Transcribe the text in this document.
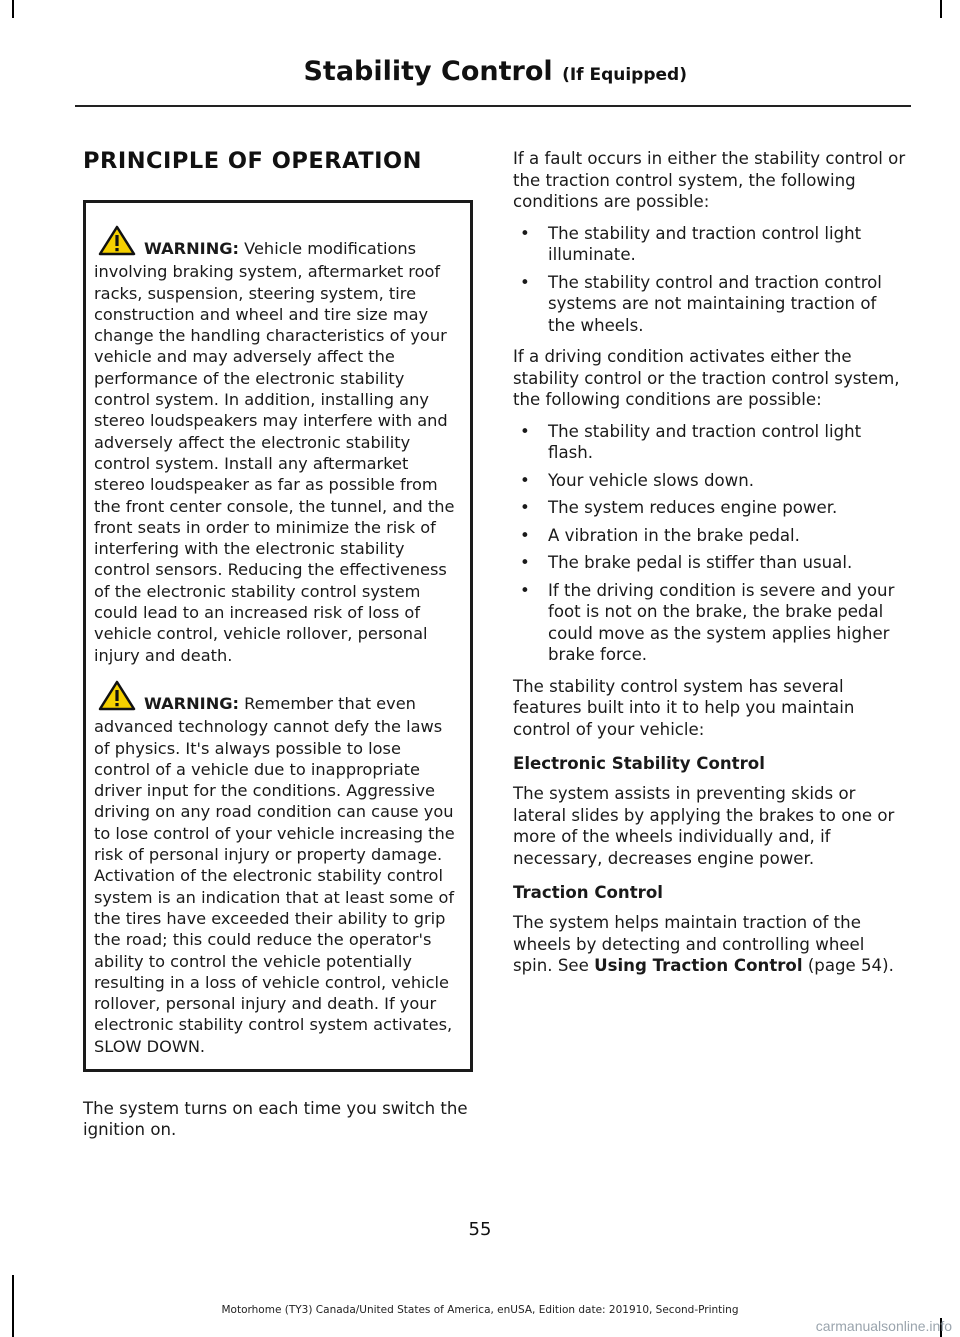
Stability Control (If Equipped)
PRINCIPLE OF OPERATION

WARNING: Vehicle modifications involving braking system, aftermarket roof racks, suspension, steering system, tire construction and wheel and tire size may change the handling characteristics of your vehicle and may adversely affect the performance of the electronic stability control system. In addition, installing any stereo loudspeakers may interfere with and adversely affect the electronic stability control system. Install any aftermarket stereo loudspeaker as far as possible from the front center console, the tunnel, and the front seats in order to minimize the risk of interfering with the electronic stability control sensors. Reducing the effectiveness of the electronic stability control system could lead to an increased risk of loss of vehicle control, vehicle rollover, personal injury and death.

WARNING: Remember that even advanced technology cannot defy the laws of physics. It's always possible to lose control of a vehicle due to inappropriate driver input for the conditions. Aggressive driving on any road condition can cause you to lose control of your vehicle increasing the risk of personal injury or property damage. Activation of the electronic stability control system is an indication that at least some of the tires have exceeded their ability to grip the road; this could reduce the operator's ability to control the vehicle potentially resulting in a loss of vehicle control, vehicle rollover, personal injury and death. If your electronic stability control system activates, SLOW DOWN.

The system turns on each time you switch the ignition on.

If a fault occurs in either the stability control or the traction control system, the following conditions are possible:

• The stability and traction control light illuminate.
• The stability control and traction control systems are not maintaining traction of the wheels.

If a driving condition activates either the stability control or the traction control system, the following conditions are possible:

• The stability and traction control light flash.
• Your vehicle slows down.
• The system reduces engine power.
• A vibration in the brake pedal.
• The brake pedal is stiffer than usual.
• If the driving condition is severe and your foot is not on the brake, the brake pedal could move as the system applies higher brake force.

The stability control system has several features built into it to help you maintain control of your vehicle:

Electronic Stability Control

The system assists in preventing skids or lateral slides by applying the brakes to one or more of the wheels individually and, if necessary, decreases engine power.

Traction Control

The system helps maintain traction of the wheels by detecting and controlling wheel spin. See Using Traction Control (page 54).

55
Motorhome (TY3) Canada/United States of America, enUSA, Edition date: 201910, Second-Printing
carmanualsonline.info
